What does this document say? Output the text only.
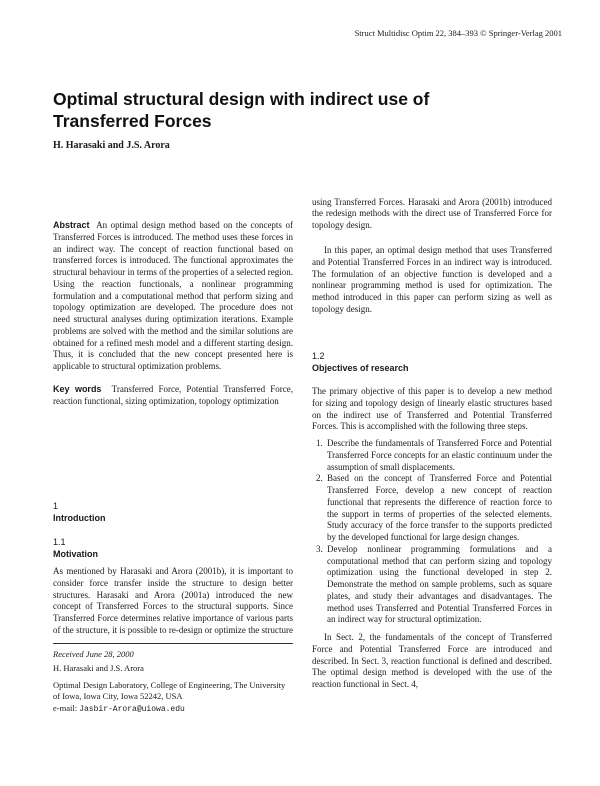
Struct Multidisc Optim 22, 384–393 © Springer-Verlag 2001
Optimal structural design with indirect use of
Transferred Forces
H. Harasaki and J.S. Arora

Abstract An optimal design method based on the concepts of Transferred Forces is introduced. The method uses these forces in an indirect way. The concept of reaction functional based on transferred forces is introduced. The functional approximates the structural behaviour in terms of the properties of a selected region. Using the reaction functionals, a nonlinear programming formulation and a computational method that perform sizing and topology optimization are developed. The procedure does not need structural analyses during optimization iterations. Example problems are solved with the method and the similar solutions are obtained for a refined mesh model and a different starting design. Thus, it is concluded that the new concept presented here is applicable to structural optimization problems.

Key words Transferred Force, Potential Transferred Force, reaction functional, sizing optimization, topology optimization

1
Introduction
1.1
Motivation

As mentioned by Harasaki and Arora (2001b), it is important to consider force transfer inside the structure to design better structures. Harasaki and Arora (2001a) introduced the new concept of Transferred Forces to the structural supports. Since Transferred Force determines relative importance of various parts of the structure, it is possible to re-design or optimize the structure

Received June 28, 2000
H. Harasaki and J.S. Arora
Optimal Design Laboratory, College of Engineering, The University of Iowa, Iowa City, Iowa 52242, USA
e-mail: Jasbir-Arora@uiowa.edu

using Transferred Forces. Harasaki and Arora (2001b) introduced the redesign methods with the direct use of Transferred Force for topology design.

In this paper, an optimal design method that uses Transferred and Potential Transferred Forces in an indirect way is introduced. The formulation of an objective function is developed and a nonlinear programming method is used for optimization. The method introduced in this paper can perform sizing as well as topology design.

1.2
Objectives of research

The primary objective of this paper is to develop a new method for sizing and topology design of linearly elastic structures based on the indirect use of Transferred and Potential Transferred Forces. This is accomplished with the following three steps.

1. Describe the fundamentals of Transferred Force and Potential Transferred Force concepts for an elastic continuum under the assumption of small displacements.
2. Based on the concept of Transferred Force and Potential Transferred Force, develop a new concept of reaction functional that represents the difference of reaction force to the support in terms of properties of the selected elements. Study accuracy of the force transfer to the supports predicted by the developed functional for large design changes.
3. Develop nonlinear programming formulations and a computational method that can perform sizing and topology optimization using the functional developed in step 2. Demonstrate the method on sample problems, such as square plates, and study their advantages and disadvantages. The method uses Transferred and Potential Transferred Forces in an indirect way for structural optimization.

In Sect. 2, the fundamentals of the concept of Transferred Force and Potential Transferred Force are introduced and described. In Sect. 3, reaction functional is defined and described. The optimal design method is developed with the use of the reaction functional in Sect. 4,
